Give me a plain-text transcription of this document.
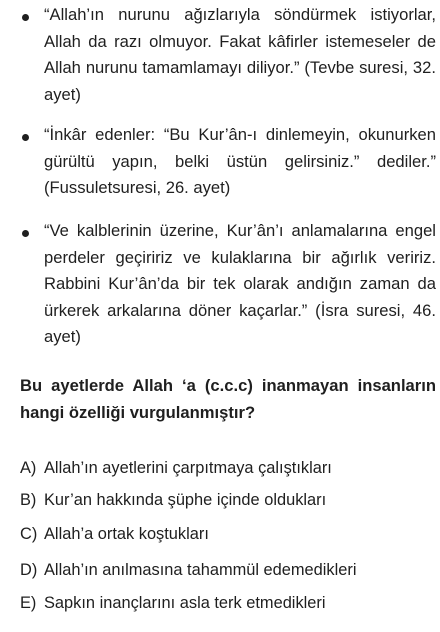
“Allah’ın nurunu ağızlarıyla söndürmek istiyorlar, Allah da razı olmuyor. Fakat kâfirler istemeseler de Allah nurunu tamamlamayı diliyor.” (Tevbe suresi, 32. ayet)
“İnkâr edenler: “Bu Kur’ân-ı dinlemeyin, okunurken gürültü yapın, belki üstün gelirsiniz.” dediler.” (Fussuletsuresi, 26. ayet)
“Ve kalblerinin üzerine, Kur’ân’ı anlamalarına engel perdeler geçiririz ve kulaklarına bir ağırlık veririz. Rabbini Kur’ân’da bir tek olarak andığın zaman da ürkerek arkalarına döner kaçarlar.” (İsra suresi, 46. ayet)
Bu ayetlerde Allah ‘a (c.c.c) inanmayan insanların hangi özelliği vurgulanmıştır?
A) Allah’ın ayetlerini çarpıtmaya çalıştıkları
B) Kur’an hakkında şüphe içinde oldukları
C) Allah’a ortak koştukları
D) Allah’ın anılmasına tahammül edemedikleri
E) Sapkın inançlarını asla terk etmedikleri
